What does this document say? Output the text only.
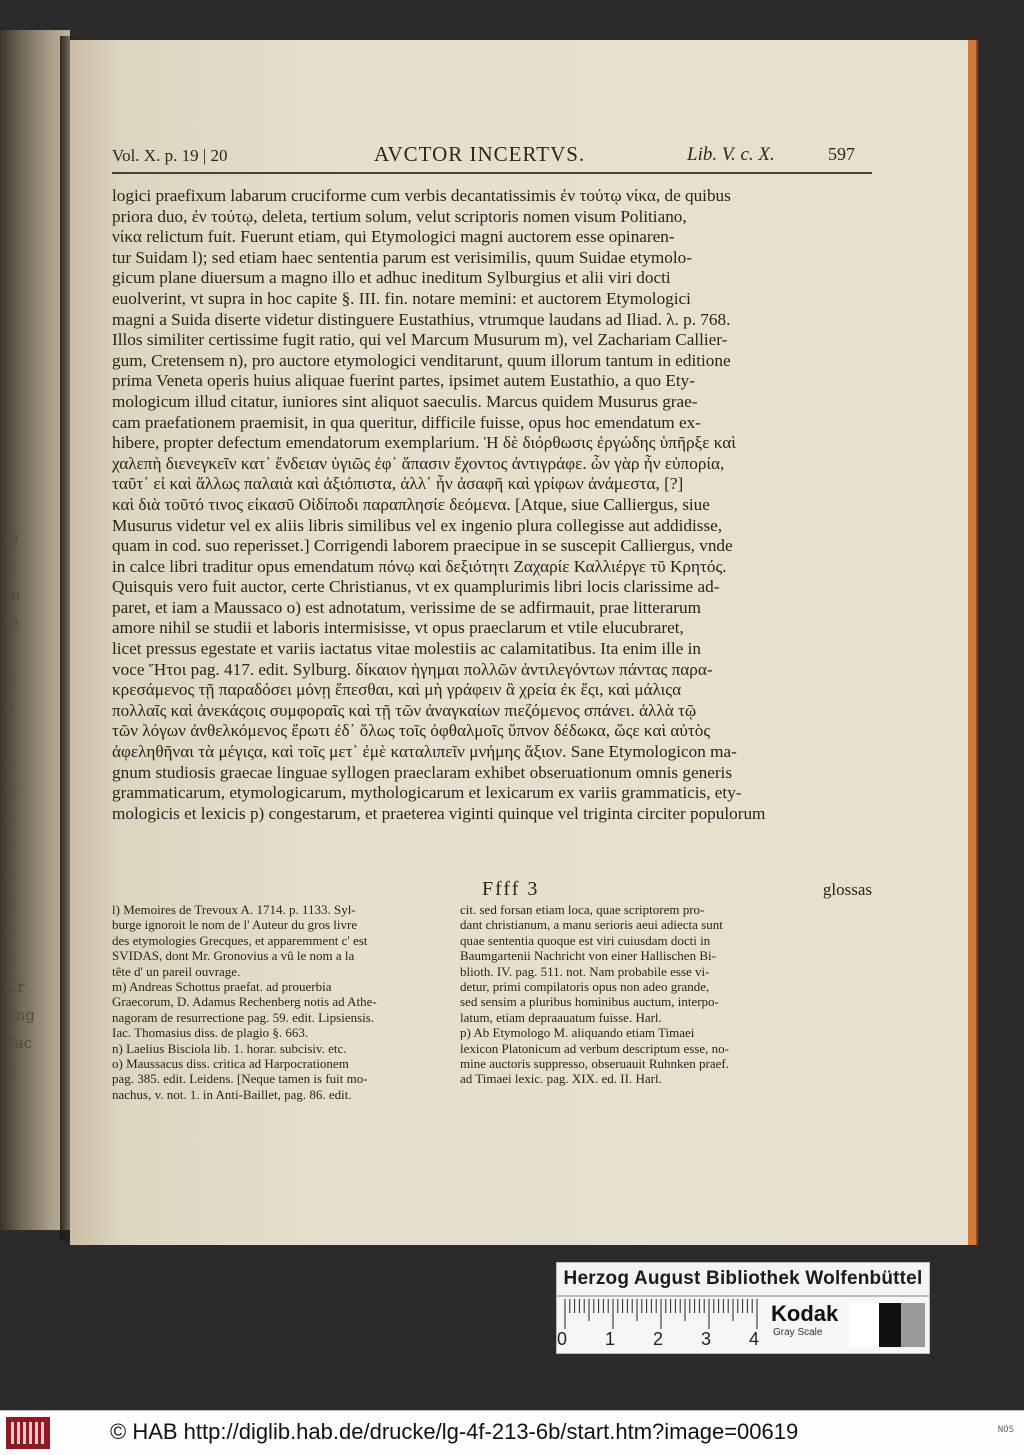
Q
o
in
O
i
p
s
c
c
C
c
e
c
a
c
u
Cr
ung
Tac
h
Vol. X. p. 19 | 20	AVCTOR INCERTVS.	Lib. V. c. X.	597
logici praefixum labarum cruciforme cum verbis decantatissimis ἐν τούτῳ νίκα, de quibus
priora duo, ἐν τούτῳ, deleta, tertium solum, velut scriptoris nomen visum Politiano,
νίκα relictum fuit. Fuerunt etiam, qui Etymologici magni auctorem esse opinaren-
tur Suidam l); sed etiam haec sententia parum est verisimilis, quum Suidae etymolo-
gicum plane diuersum a magno illo et adhuc ineditum Sylburgius et alii viri docti
euolverint, vt supra in hoc capite §. III. fin. notare memini: et auctorem Etymologici
magni a Suida diserte videtur distinguere Eustathius, vtrumque laudans ad Iliad. λ. p. 768.
Illos similiter certissime fugit ratio, qui vel Marcum Musurum m), vel Zachariam Callier-
gum, Cretensem n), pro auctore etymologici venditarunt, quum illorum tantum in editione
prima Veneta operis huius aliquae fuerint partes, ipsimet autem Eustathio, a quo Ety-
mologicum illud citatur, iuniores sint aliquot saeculis. Marcus quidem Musurus grae-
cam praefationem praemisit, in qua queritur, difficile fuisse, opus hoc emendatum ex-
hibere, propter defectum emendatorum exemplarium. Ἡ δὲ διόρθωσις ἐργώδης ὑπῆρξε καὶ
χαλεπὴ διενεγκεῖν κατ᾽ ἔνδειαν ὑγιῶς ἐφ᾽ ἅπασιν ἔχοντος ἀντιγράφε. ὧν γὰρ ἦν εὐπορία,
ταῦτ᾽ εἰ καὶ ἄλλως παλαιὰ καὶ ἀξιόπιστα, ἀλλ᾽ ἦν ἀσαφῆ καὶ γρίφων ἀνάμεστα, [?]
καὶ διὰ τοῦτό τινος εἰκασῦ Οἰδίποδι παραπλησίε δεόμενα. [Atque, siue Calliergus, siue
Musurus videtur vel ex aliis libris similibus vel ex ingenio plura collegisse aut addidisse,
quam in cod. suo reperisset.] Corrigendi laborem praecipue in se suscepit Calliergus, vnde
in calce libri traditur opus emendatum πόνῳ καὶ δεξιότητι Ζαχαρίε Καλλιέργε τῦ Κρητός.
Quisquis vero fuit auctor, certe Christianus, vt ex quamplurimis libri locis clarissime ad-
paret, et iam a Maussaco o) est adnotatum, verissime de se adfirmauit, prae litterarum
amore nihil se studii et laboris intermisisse, vt opus praeclarum et vtile elucubraret,
licet pressus egestate et variis iactatus vitae molestiis ac calamitatibus. Ita enim ille in
voce Ἤτοι pag. 417. edit. Sylburg. δίκαιον ἡγημαι πολλῶν ἀντιλεγόντων πάντας παρα-
κρεσάμενος τῇ παραδόσει μόνῃ ἕπεσθαι, καὶ μὴ γράφειν ἃ χρεία ἐκ ἔςι, καὶ μάλιςα
πολλαῖς καὶ ἀνεκάςοις συμφοραῖς καὶ τῇ τῶν ἀναγκαίων πιεζόμενος σπάνει. ἀλλὰ τῷ
τῶν λόγων ἀνθελκόμενος ἔρωτι ἐδ᾽ ὅλως τοῖς ὀφθαλμοῖς ὕπνον δέδωκα, ὥςε καὶ αὐτὸς
ἀφεληθῆναι τὰ μέγιςα, καὶ τοῖς μετ᾽ ἐμὲ καταλιπεῖν μνήμης ἄξιον. Sane Etymologicon ma-
gnum studiosis graecae linguae syllogen praeclaram exhibet obseruationum omnis generis
grammaticarum, etymologicarum, mythologicarum et lexicarum ex variis grammaticis, ety-
mologicis et lexicis p) congestarum, et praeterea viginti quinque vel triginta circiter populorum
Ffff 3	glossas
l) Memoires de Trevoux A. 1714. p. 1133. Syl-
burge ignoroit le nom de l' Auteur du gros livre
des etymologies Grecques, et apparemment c' est
SVIDAS, dont Mr. Gronovius a vû le nom a la
tête d' un pareil ouvrage.
m) Andreas Schottus praefat. ad prouerbia
Graecorum, D. Adamus Rechenberg notis ad Athe-
nagoram de resurrectione pag. 59. edit. Lipsiensis.
Iac. Thomasius diss. de plagio §. 663.
n) Laelius Bisciola lib. 1. horar. subcisiv. etc.
o) Maussacus diss. critica ad Harpocrationem
pag. 385. edit. Leidens. [Neque tamen is fuit mo-
nachus, v. not. 1. in Anti-Baillet, pag. 86. edit.
cit. sed forsan etiam loca, quae scriptorem pro-
dant christianum, a manu serioris aeui adiecta sunt
quae sententia quoque est viri cuiusdam docti in
Baumgartenii Nachricht von einer Hallischen Bi-
blioth. IV. pag. 511. not. Nam probabile esse vi-
detur, primi compilatoris opus non adeo grande,
sed sensim a pluribus hominibus auctum, interpo-
latum, etiam depraauatum fuisse. Harl.
p) Ab Etymologo M. aliquando etiam Timaei
lexicon Platonicum ad verbum descriptum esse, no-
mine auctoris suppresso, obseruauit Ruhnken praef.
ad Timaei lexic. pag. XIX. ed. II. Harl.
Herzog August Bibliothek Wolfenbüttel
0 1 2 3 4
Kodak
Gray Scale
© HAB http://diglib.hab.de/drucke/lg-4f-213-6b/start.htm?image=00619	NOS
